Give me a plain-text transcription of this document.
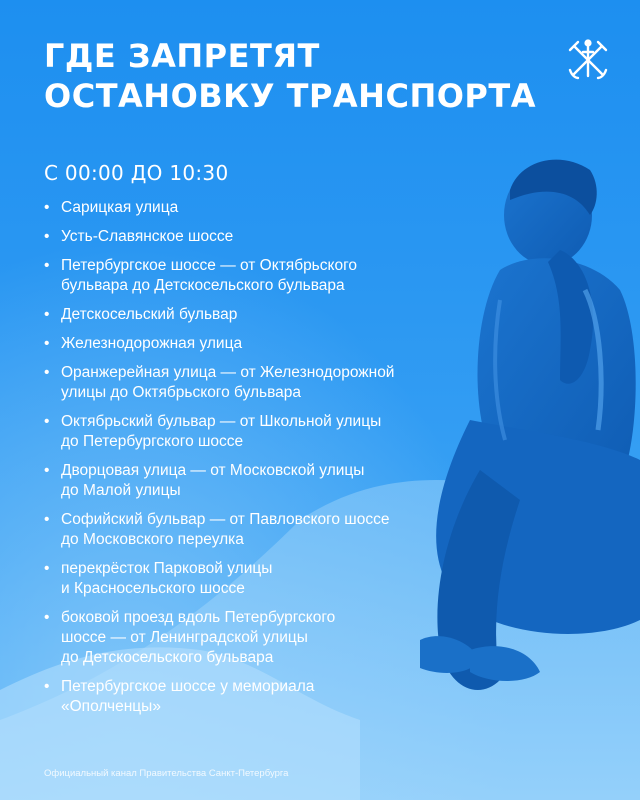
ГДЕ ЗАПРЕТЯТ
ОСТАНОВКУ ТРАНСПОРТА
С 00:00 ДО 10:30
• Сарицкая улица
• Усть-Славянское шоссе
• Петербургское шоссе — от Октябрьского
бульвара до Детскосельского бульвара
• Детскосельский бульвар
• Железнодорожная улица
• Оранжерейная улица — от Железнодорожной
улицы до Октябрьского бульвара
• Октябрьский бульвар — от Школьной улицы
до Петербургского шоссе
• Дворцовая улица — от Московской улицы
до Малой улицы
• Софийский бульвар — от Павловского шоссе
до Московского переулка
• перекрёсток Парковой улицы
и Красносельского шоссе
• боковой проезд вдоль Петербургского
шоссе — от Ленинградской улицы
до Детскосельского бульвара
• Петербургское шоссе у мемориала
«Ополченцы»
Официальный канал Правительства Санкт-Петербурга
